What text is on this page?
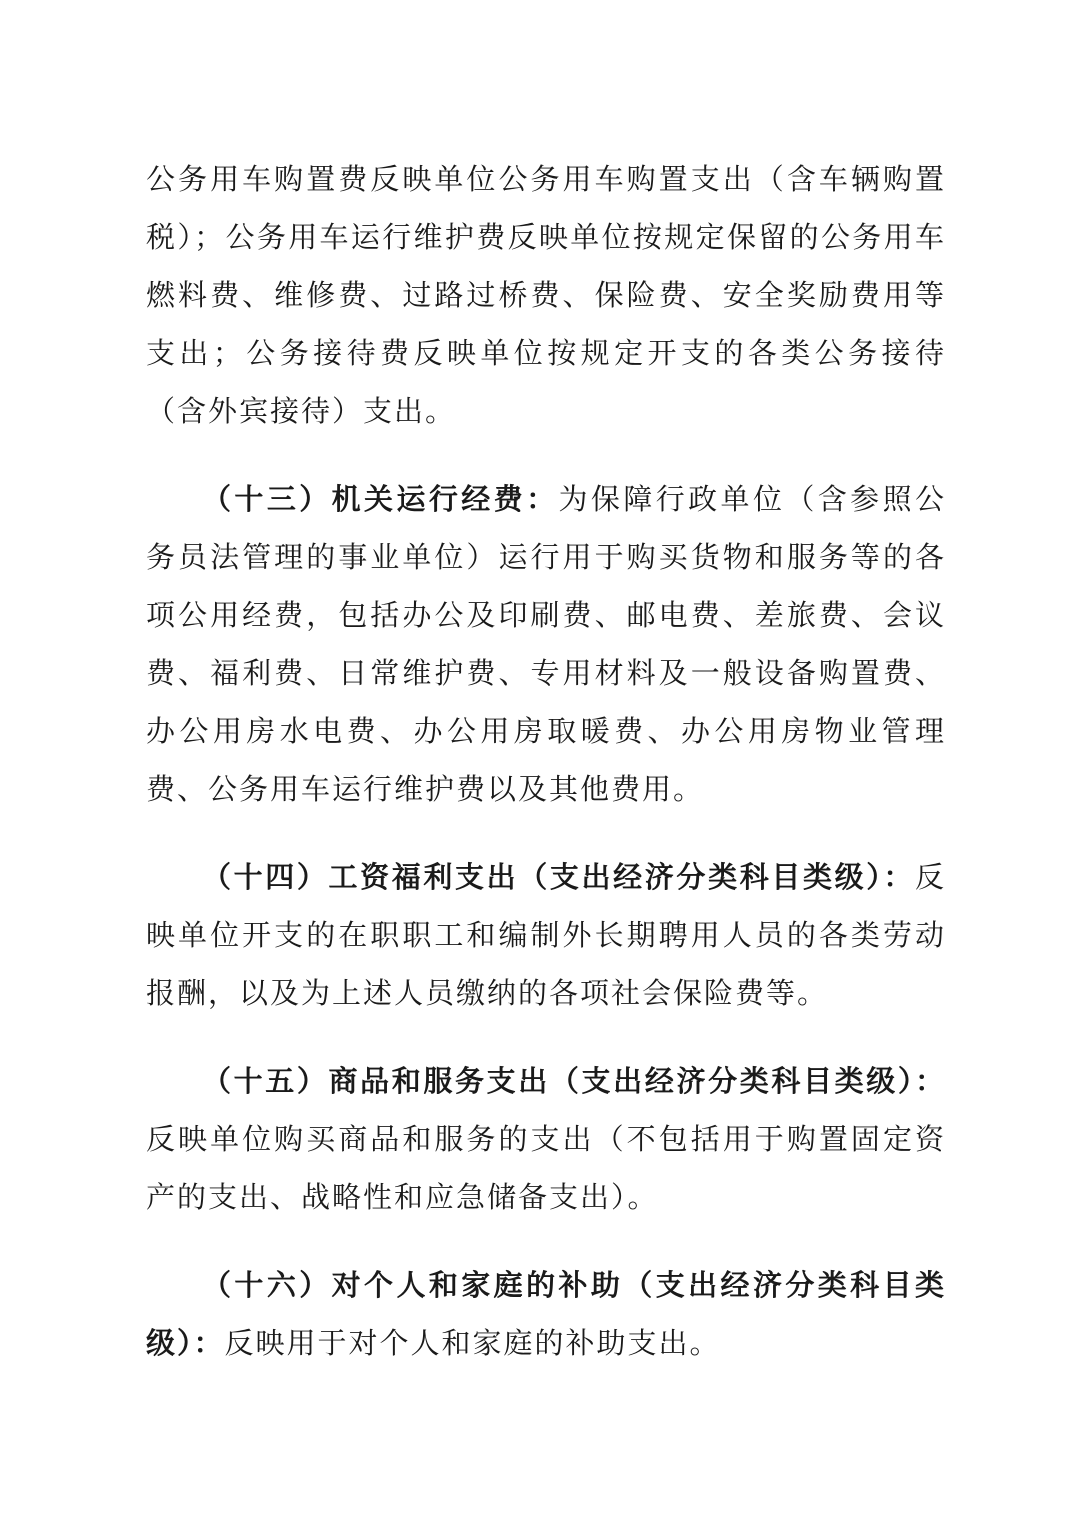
公务用车购置费反映单位公务用车购置支出（含车辆购置税）；公务用车运行维护费反映单位按规定保留的公务用车燃料费、维修费、过路过桥费、保险费、安全奖励费用等支出；公务接待费反映单位按规定开支的各类公务接待（含外宾接待）支出。

（十三）机关运行经费：为保障行政单位（含参照公务员法管理的事业单位）运行用于购买货物和服务等的各项公用经费，包括办公及印刷费、邮电费、差旅费、会议费、福利费、日常维护费、专用材料及一般设备购置费、办公用房水电费、办公用房取暖费、办公用房物业管理费、公务用车运行维护费以及其他费用。

（十四）工资福利支出（支出经济分类科目类级）：反映单位开支的在职职工和编制外长期聘用人员的各类劳动报酬，以及为上述人员缴纳的各项社会保险费等。

（十五）商品和服务支出（支出经济分类科目类级）：反映单位购买商品和服务的支出（不包括用于购置固定资产的支出、战略性和应急储备支出）。

（十六）对个人和家庭的补助（支出经济分类科目类级）：反映用于对个人和家庭的补助支出。
